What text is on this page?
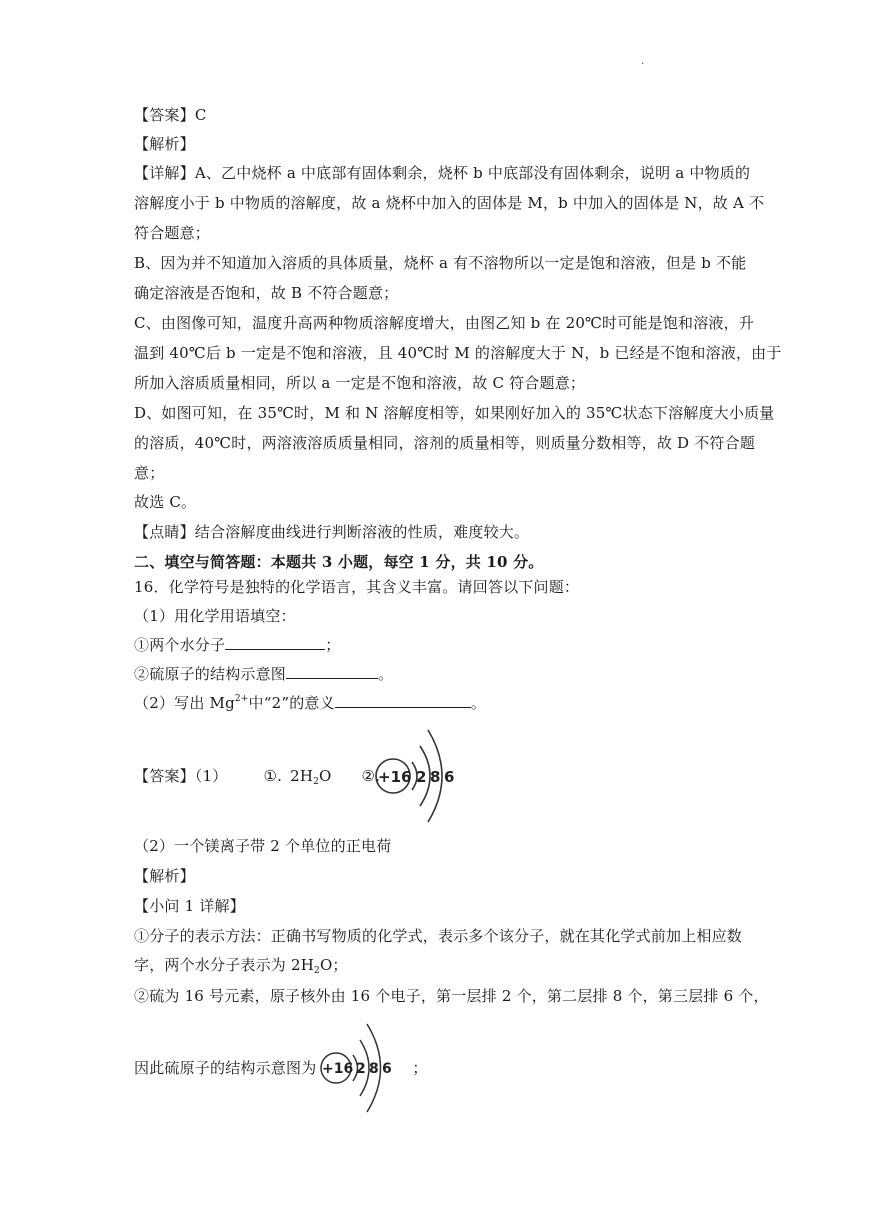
.
【答案】C
【解析】
【详解】A、乙中烧杯 a 中底部有固体剩余，烧杯 b 中底部没有固体剩余，说明 a 中物质的
溶解度小于 b 中物质的溶解度，故 a 烧杯中加入的固体是 M，b 中加入的固体是 N，故 A 不
符合题意；
B、因为并不知道加入溶质的具体质量，烧杯 a 有不溶物所以一定是饱和溶液，但是 b 不能
确定溶液是否饱和，故 B 不符合题意；
C、由图像可知，温度升高两种物质溶解度增大，由图乙知 b 在 20℃时可能是饱和溶液，升
温到 40℃后 b 一定是不饱和溶液，且 40℃时 M 的溶解度大于 N，b 已经是不饱和溶液，由于
所加入溶质质量相同，所以 a 一定是不饱和溶液，故 C 符合题意；
D、如图可知，在 35℃时，M 和 N 溶解度相等，如果刚好加入的 35℃状态下溶解度大小质量
的溶质，40℃时，两溶液溶质质量相同，溶剂的质量相等，则质量分数相等，故 D 不符合题
意；
故选 C。
【点睛】结合溶解度曲线进行判断溶液的性质，难度较大。
二、填空与简答题：本题共 3 小题，每空 1 分，共 10 分。
16．化学符号是独特的化学语言，其含义丰富。请回答以下问题：
（1）用化学用语填空：
①两个水分子	；
②硫原子的结构示意图	。
（2）写出 $Mg^{2+}$中“2”的意义	。
【答案】（1） ①. $2H_2O$ ②.
+16 2 8 6
（2）一个镁离子带 2 个单位的正电荷
【解析】
【小问 1 详解】
①分子的表示方法：正确书写物质的化学式，表示多个该分子，就在其化学式前加上相应数
字，两个水分子表示为 $2H_2O$；
②硫为 16 号元素，原子核外由 16 个电子，第一层排 2 个，第二层排 8 个，第三层排 6 个，
因此硫原子的结构示意图为	；
+16 2 8 6
